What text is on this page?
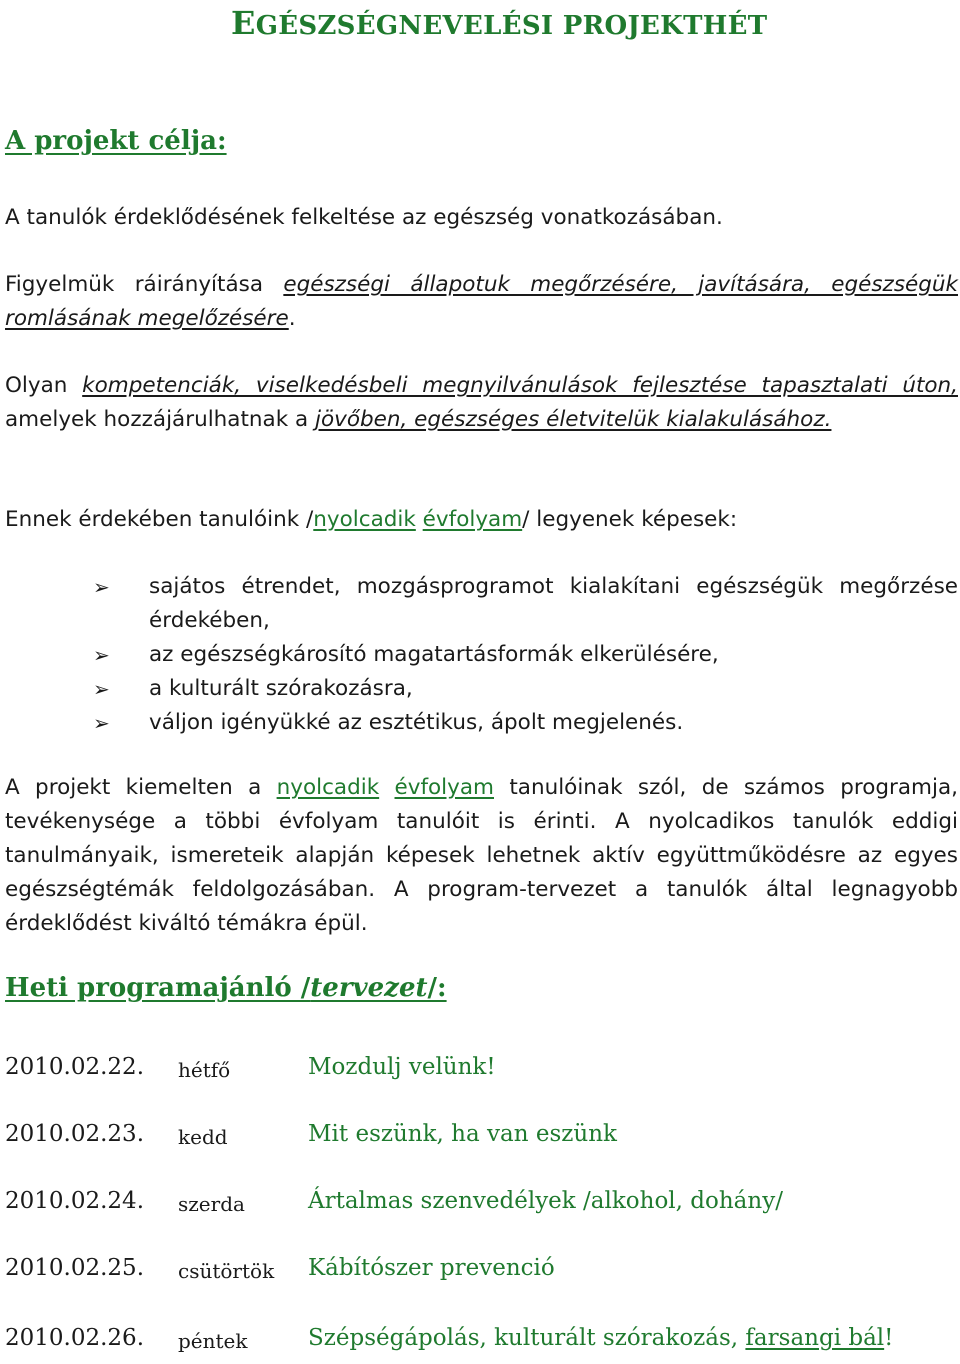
EGÉSZSÉGNEVELÉSI PROJEKTHÉT
A projekt célja:

A tanulók érdeklődésének felkeltése az egészség vonatkozásában.

Figyelmük ráirányítása egészségi állapotuk megőrzésére, javítására, egészségük romlásának megelőzésére.

Olyan kompetenciák, viselkedésbeli megnyilvánulások fejlesztése tapasztalati úton, amelyek hozzájárulhatnak a jövőben, egészséges életvitelük kialakulásához.

Ennek érdekében tanulóink /nyolcadik évfolyam/ legyenek képesek:

➢ sajátos étrendet, mozgásprogramot kialakítani egészségük megőrzése érdekében,
➢ az egészségkárosító magatartásformák elkerülésére,
➢ a kulturált szórakozásra,
➢ váljon igényükké az esztétikus, ápolt megjelenés.

A projekt kiemelten a nyolcadik évfolyam tanulóinak szól, de számos programja, tevékenysége a többi évfolyam tanulóit is érinti. A nyolcadikos tanulók eddigi tanulmányaik, ismereteik alapján képesek lehetnek aktív együttműködésre az egyes egészségtémák feldolgozásában. A program-tervezet a tanulók által legnagyobb érdeklődést kiváltó témákra épül.

Heti programajánló /tervezet/:
2010.02.22. hétfő	Mozdulj velünk!
2010.02.23. kedd	Mit eszünk, ha van eszünk
2010.02.24. szerda	Ártalmas szenvedélyek /alkohol, dohány/
2010.02.25. csütörtök Kábítószer prevenció
2010.02.26. péntek	Szépségápolás, kulturált szórakozás, farsangi bál!
